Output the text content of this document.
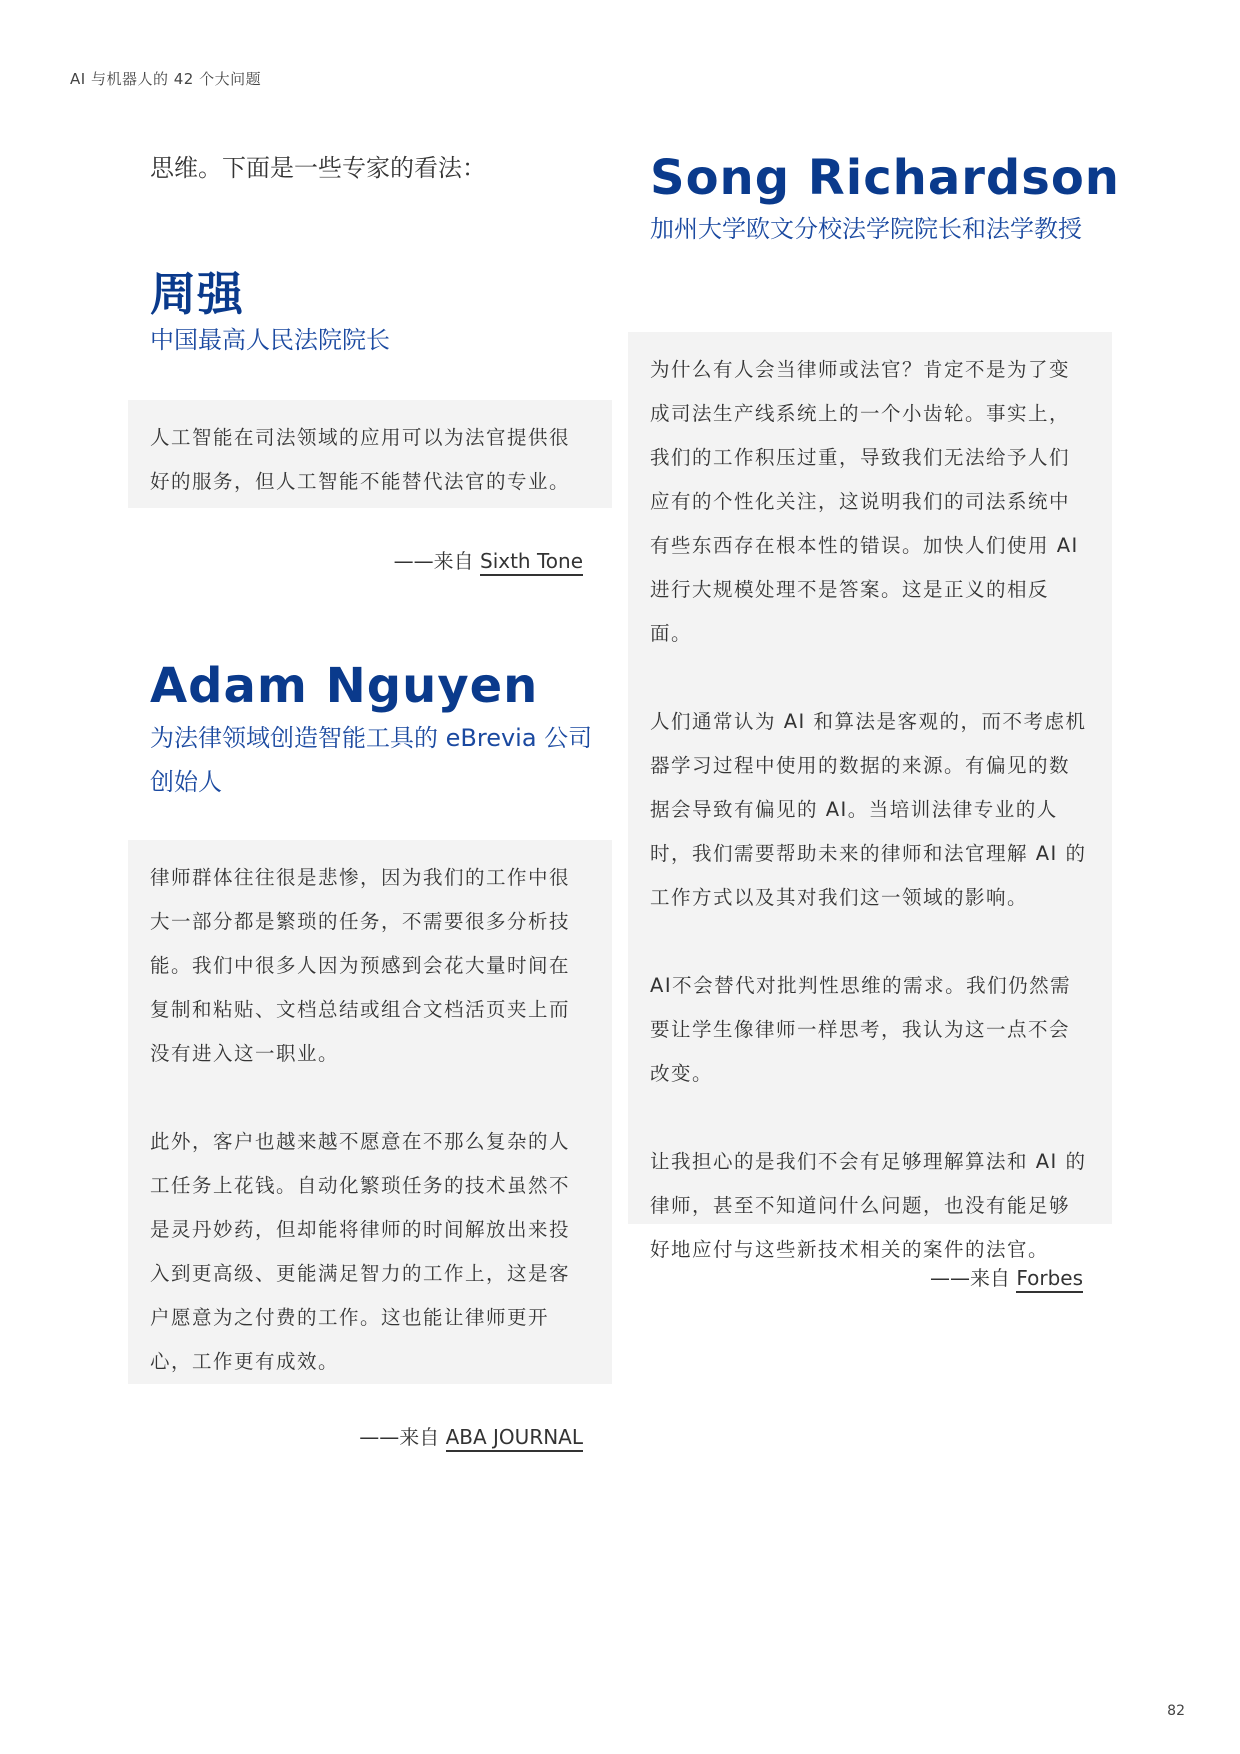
AI 与机器人的 42 个大问题
思维。下面是一些专家的看法：
周强
中国最高人民法院院长

人工智能在司法领域的应用可以为法官提供很好的服务，但人工智能不能替代法官的专业。

——来自 Sixth Tone
Adam Nguyen
为法律领域创造智能工具的 eBrevia 公司创始人

律师群体往往很是悲惨，因为我们的工作中很大一部分都是繁琐的任务，不需要很多分析技能。我们中很多人因为预感到会花大量时间在复制和粘贴、文档总结或组合文档活页夹上而没有进入这一职业。

此外，客户也越来越不愿意在不那么复杂的人工任务上花钱。自动化繁琐任务的技术虽然不是灵丹妙药，但却能将律师的时间解放出来投入到更高级、更能满足智力的工作上，这是客户愿意为之付费的工作。这也能让律师更开心，工作更有成效。

——来自 ABA JOURNAL
Song Richardson
加州大学欧文分校法学院院长和法学教授

为什么有人会当律师或法官？肯定不是为了变成司法生产线系统上的一个小齿轮。事实上，我们的工作积压过重，导致我们无法给予人们应有的个性化关注，这说明我们的司法系统中有些东西存在根本性的错误。加快人们使用 AI 进行大规模处理不是答案。这是正义的相反面。

人们通常认为 AI 和算法是客观的，而不考虑机器学习过程中使用的数据的来源。有偏见的数据会导致有偏见的 AI。当培训法律专业的人时，我们需要帮助未来的律师和法官理解 AI 的工作方式以及其对我们这一领域的影响。

AI不会替代对批判性思维的需求。我们仍然需要让学生像律师一样思考，我认为这一点不会改变。

让我担心的是我们不会有足够理解算法和 AI 的律师，甚至不知道问什么问题，也没有能足够好地应付与这些新技术相关的案件的法官。

——来自 Forbes
82
